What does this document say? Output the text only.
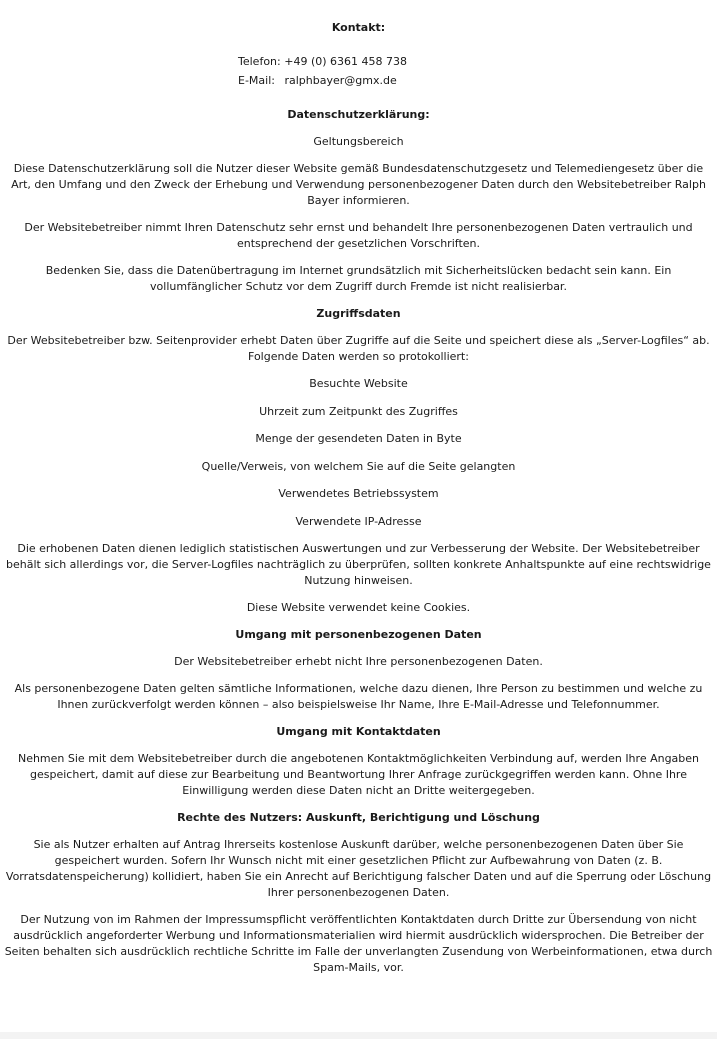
Kontakt:
Telefon: +49 (0) 6361 458 738
E-Mail: ralphbayer@gmx.de
Datenschutzerklärung:

Geltungsbereich

Diese Datenschutzerklärung soll die Nutzer dieser Website gemäß Bundesdatenschutzgesetz und Telemediengesetz über die Art, den Umfang und den Zweck der Erhebung und Verwendung personenbezogener Daten durch den Websitebetreiber Ralph Bayer informieren.

Der Websitebetreiber nimmt Ihren Datenschutz sehr ernst und behandelt Ihre personenbezogenen Daten vertraulich und entsprechend der gesetzlichen Vorschriften.

Bedenken Sie, dass die Datenübertragung im Internet grundsätzlich mit Sicherheitslücken bedacht sein kann. Ein vollumfänglicher Schutz vor dem Zugriff durch Fremde ist nicht realisierbar.

Zugriffsdaten

Der Websitebetreiber bzw. Seitenprovider erhebt Daten über Zugriffe auf die Seite und speichert diese als „Server-Logfiles“ ab. Folgende Daten werden so protokolliert:

Besuchte Website

Uhrzeit zum Zeitpunkt des Zugriffes

Menge der gesendeten Daten in Byte

Quelle/Verweis, von welchem Sie auf die Seite gelangten

Verwendetes Betriebssystem

Verwendete IP-Adresse

Die erhobenen Daten dienen lediglich statistischen Auswertungen und zur Verbesserung der Website. Der Websitebetreiber behält sich allerdings vor, die Server-Logfiles nachträglich zu überprüfen, sollten konkrete Anhaltspunkte auf eine rechtswidrige Nutzung hinweisen.

Diese Website verwendet keine Cookies.

Umgang mit personenbezogenen Daten

Der Websitebetreiber erhebt nicht Ihre personenbezogenen Daten.

Als personenbezogene Daten gelten sämtliche Informationen, welche dazu dienen, Ihre Person zu bestimmen und welche zu Ihnen zurückverfolgt werden können – also beispielsweise Ihr Name, Ihre E-Mail-Adresse und Telefonnummer.

Umgang mit Kontaktdaten

Nehmen Sie mit dem Websitebetreiber durch die angebotenen Kontaktmöglichkeiten Verbindung auf, werden Ihre Angaben gespeichert, damit auf diese zur Bearbeitung und Beantwortung Ihrer Anfrage zurückgegriffen werden kann. Ohne Ihre Einwilligung werden diese Daten nicht an Dritte weitergegeben.

Rechte des Nutzers: Auskunft, Berichtigung und Löschung

Sie als Nutzer erhalten auf Antrag Ihrerseits kostenlose Auskunft darüber, welche personenbezogenen Daten über Sie gespeichert wurden. Sofern Ihr Wunsch nicht mit einer gesetzlichen Pflicht zur Aufbewahrung von Daten (z. B. Vorratsdatenspeicherung) kollidiert, haben Sie ein Anrecht auf Berichtigung falscher Daten und auf die Sperrung oder Löschung Ihrer personenbezogenen Daten.

Der Nutzung von im Rahmen der Impressumspflicht veröffentlichten Kontaktdaten durch Dritte zur Übersendung von nicht ausdrücklich angeforderter Werbung und Informationsmaterialien wird hiermit ausdrücklich widersprochen. Die Betreiber der Seiten behalten sich ausdrücklich rechtliche Schritte im Falle der unverlangten Zusendung von Werbeinformationen, etwa durch Spam-Mails, vor.
